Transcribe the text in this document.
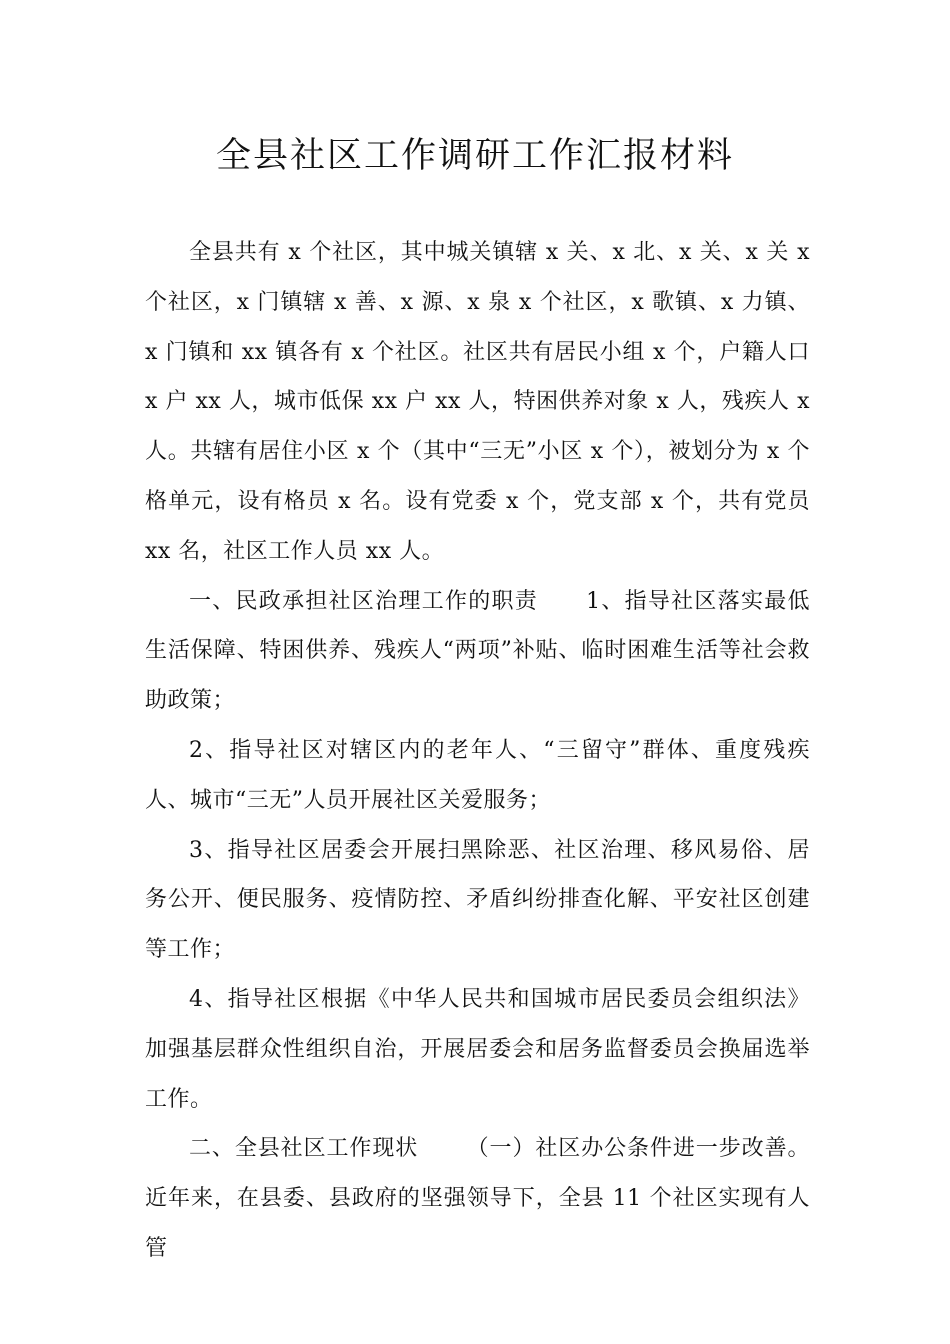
全县社区工作调研工作汇报材料

全县共有 x 个社区，其中城关镇辖 x 关、x 北、x 关、x 关 x 个社区，x 门镇辖 x 善、x 源、x 泉 x 个社区，x 歌镇、x 力镇、x 门镇和 xx 镇各有 x 个社区。社区共有居民小组 x 个，户籍人口 x 户 xx 人，城市低保 xx 户 xx 人，特困供养对象 x 人，残疾人 x 人。共辖有居住小区 x 个（其中“三无”小区 x 个），被划分为 x 个格单元，设有格员 x 名。设有党委 x 个，党支部 x 个，共有党员 xx 名，社区工作人员 xx 人。

一、民政承担社区治理工作的职责 1、指导社区落实最低生活保障、特困供养、残疾人“两项”补贴、临时困难生活等社会救助政策；

2、指导社区对辖区内的老年人、“三留守”群体、重度残疾人、城市“三无”人员开展社区关爱服务；

3、指导社区居委会开展扫黑除恶、社区治理、移风易俗、居务公开、便民服务、疫情防控、矛盾纠纷排查化解、平安社区创建等工作；

4、指导社区根据《中华人民共和国城市居民委员会组织法》加强基层群众性组织自治，开展居委会和居务监督委员会换届选举工作。

二、全县社区工作现状 （一）社区办公条件进一步改善。近年来，在县委、县政府的坚强领导下，全县 11 个社区实现有人管
